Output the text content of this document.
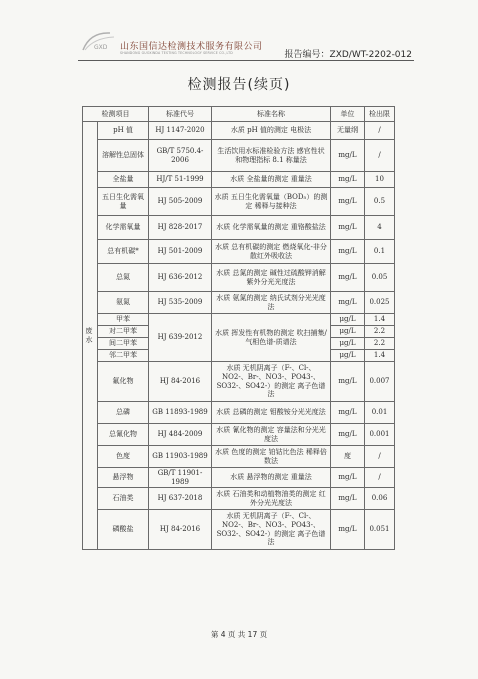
GXD 山东国信达检测技术服务有限公司
SHANDONG GUOXINDA TESTING TECHNOLOGY SERVICE CO.,LTD	报告编号：ZXD/WT-2202-012
检测报告(续页)
检测项目		标准代号	标准名称	单位	检出限
废水	pH 值	HJ 1147-2020	水质 pH 值的测定 电极法	无量纲	/
	溶解性总固体	GB/T 5750.4-2006	生活饮用水标准检验方法 感官性状和物理指标 8.1 称量法	mg/L	/
	全盐量	HJ/T 51-1999	水质 全盐量的测定 重量法	mg/L	10
	五日生化需氧量	HJ 505-2009	水质 五日生化需氧量（BOD₅）的测定 稀释与接种法	mg/L	0.5
	化学需氧量	HJ 828-2017	水质 化学需氧量的测定 重铬酸盐法	mg/L	4
	总有机碳*	HJ 501-2009	水质 总有机碳的测定 燃烧氧化-非分散红外吸收法	mg/L	0.1
	总氮	HJ 636-2012	水质 总氮的测定 碱性过硫酸钾消解紫外分光光度法	mg/L	0.05
	氨氮	HJ 535-2009	水质 氨氮的测定 纳氏试剂分光光度法	mg/L	0.025
	甲苯	HJ 639-2012	水质 挥发性有机物的测定 吹扫捕集/气相色谱-质谱法	μg/L	1.4
	对二甲苯			μg/L	2.2
	间二甲苯			μg/L	2.2
	邻二甲苯			μg/L	1.4
	氟化物	HJ 84-2016	水质 无机阴离子（F-、Cl-、NO2-、Br-、NO3-、PO43-、SO32-、SO42-）的测定 离子色谱法	mg/L	0.007
	总磷	GB 11893-1989	水质 总磷的测定 钼酸铵分光光度法	mg/L	0.01
	总氰化物	HJ 484-2009	水质 氰化物的测定 容量法和分光光度法	mg/L	0.001
	色度	GB 11903-1989	水质 色度的测定 铂钴比色法 稀释倍数法	度	/
	悬浮物	GB/T 11901-1989	水质 悬浮物的测定 重量法	mg/L	/
	石油类	HJ 637-2018	水质 石油类和动植物油类的测定 红外分光光度法	mg/L	0.06
	磷酸盐	HJ 84-2016	水质 无机阴离子（F-、Cl-、NO2-、Br-、NO3-、PO43-、SO32-、SO42-）的测定 离子色谱法	mg/L	0.051
第 4 页 共 17 页
